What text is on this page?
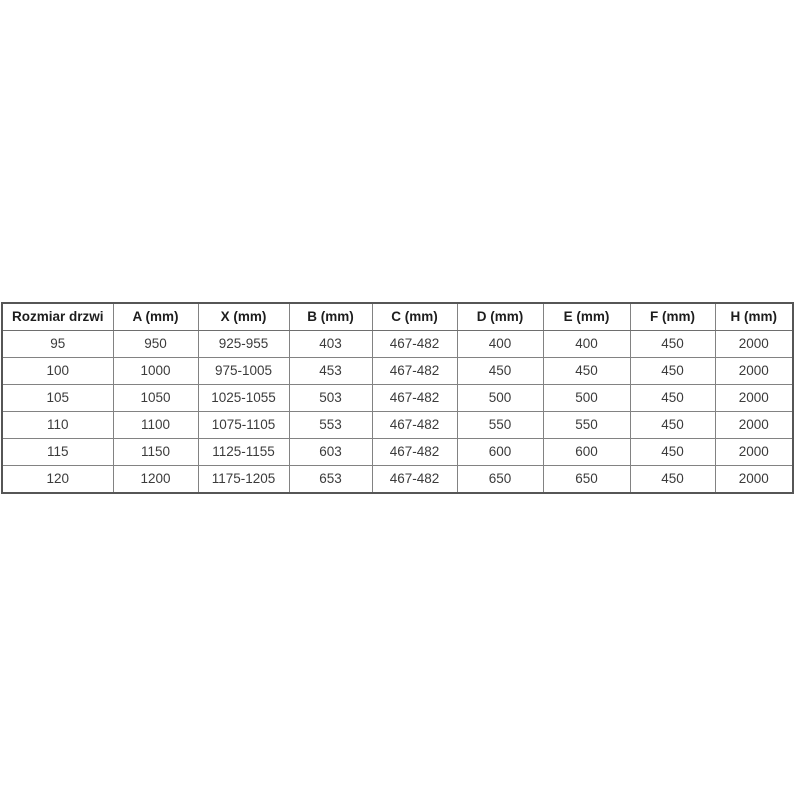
Rozmiar drzwi	A (mm)	X (mm)	B (mm)	C (mm)	D (mm)	E (mm)	F (mm)	H (mm)
95	950	925-955	403	467-482	400	400	450	2000
100	1000	975-1005	453	467-482	450	450	450	2000
105	1050	1025-1055	503	467-482	500	500	450	2000
110	1100	1075-1105	553	467-482	550	550	450	2000
115	1150	1125-1155	603	467-482	600	600	450	2000
120	1200	1175-1205	653	467-482	650	650	450	2000
